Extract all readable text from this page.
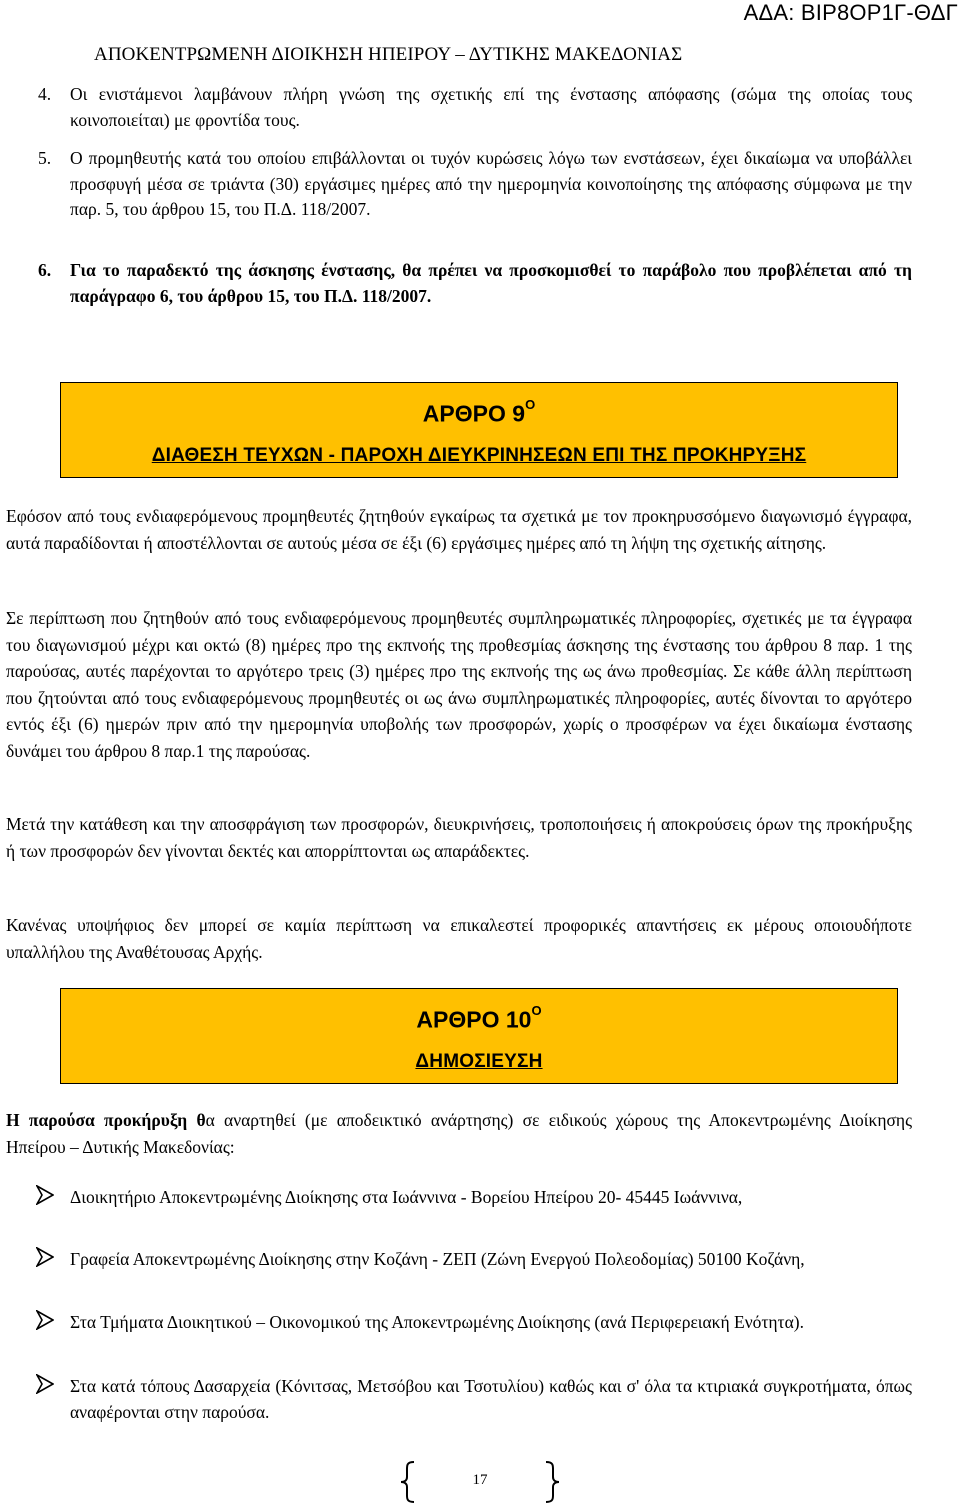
ΑΔΑ: ΒΙΡ8ΟΡ1Γ-ΘΔΓ
ΑΠΟΚΕΝΤΡΩΜΕΝΗ ΔΙΟΙΚΗΣΗ ΗΠΕΙΡΟΥ – ΔΥΤΙΚΗΣ ΜΑΚΕΔΟΝΙΑΣ
4. Οι ενιστάμενοι λαμβάνουν πλήρη γνώση της σχετικής επί της ένστασης απόφασης (σώμα της οποίας τους κοινοποιείται) με φροντίδα τους.
5. Ο προμηθευτής κατά του οποίου επιβάλλονται οι τυχόν κυρώσεις λόγω των ενστάσεων, έχει δικαίωμα να υποβάλλει προσφυγή μέσα σε τριάντα (30) εργάσιμες ημέρες από την ημερομηνία κοινοποίησης της απόφασης σύμφωνα με την παρ. 5, του άρθρου 15, του Π.Δ. 118/2007.
6. Για το παραδεκτό της άσκησης ένστασης, θα πρέπει να προσκομισθεί το παράβολο που προβλέπεται από τη παράγραφο 6, του άρθρου 15, του Π.Δ. 118/2007.
ΑΡΘΡΟ $9^O$
ΔΙΑΘΕΣΗ ΤΕΥΧΩΝ - ΠΑΡΟΧΗ ΔΙΕΥΚΡΙΝΗΣΕΩΝ ΕΠΙ ΤΗΣ ΠΡΟΚΗΡΥΞΗΣ
Εφόσον από τους ενδιαφερόμενους προμηθευτές ζητηθούν εγκαίρως τα σχετικά με τον προκηρυσσόμενο διαγωνισμό έγγραφα, αυτά παραδίδονται ή αποστέλλονται σε αυτούς μέσα σε έξι (6) εργάσιμες ημέρες από τη λήψη της σχετικής αίτησης.
Σε περίπτωση που ζητηθούν από τους ενδιαφερόμενους προμηθευτές συμπληρωματικές πληροφορίες, σχετικές με τα έγγραφα του διαγωνισμού μέχρι και οκτώ (8) ημέρες προ της εκπνοής της προθεσμίας άσκησης της ένστασης του άρθρου 8 παρ. 1 της παρούσας, αυτές παρέχονται το αργότερο τρεις (3) ημέρες προ της εκπνοής της ως άνω προθεσμίας. Σε κάθε άλλη περίπτωση που ζητούνται από τους ενδιαφερόμενους προμηθευτές οι ως άνω συμπληρωματικές πληροφορίες, αυτές δίνονται το αργότερο εντός έξι (6) ημερών πριν από την ημερομηνία υποβολής των προσφορών, χωρίς ο προσφέρων να έχει δικαίωμα ένστασης δυνάμει του άρθρου 8 παρ.1 της παρούσας.
Μετά την κατάθεση και την αποσφράγιση των προσφορών, διευκρινήσεις, τροποποιήσεις ή αποκρούσεις όρων της προκήρυξης ή των προσφορών δεν γίνονται δεκτές και απορρίπτονται ως απαράδεκτες.
Κανένας υποψήφιος δεν μπορεί σε καμία περίπτωση να επικαλεστεί προφορικές απαντήσεις εκ μέρους οποιουδήποτε υπαλλήλου της Αναθέτουσας Αρχής.
ΑΡΘΡΟ $10^O$
ΔΗΜΟΣΙΕΥΣΗ
Η παρούσα προκήρυξη θα αναρτηθεί (με αποδεικτικό ανάρτησης) σε ειδικούς χώρους της Αποκεντρωμένης Διοίκησης Ηπείρου – Δυτικής Μακεδονίας:
Διοικητήριο Αποκεντρωμένης Διοίκησης στα Ιωάννινα - Βορείου Ηπείρου 20- 45445 Ιωάννινα,
Γραφεία Αποκεντρωμένης Διοίκησης στην Κοζάνη - ΖΕΠ (Ζώνη Ενεργού Πολεοδομίας) 50100 Κοζάνη,
Στα Τμήματα Διοικητικού – Οικονομικού της Αποκεντρωμένης Διοίκησης (ανά Περιφερειακή Ενότητα).
Στα κατά τόπους Δασαρχεία (Κόνιτσας, Μετσόβου και Τσοτυλίου) καθώς και σ' όλα τα κτιριακά συγκροτήματα, όπως αναφέρονται στην παρούσα.
17
